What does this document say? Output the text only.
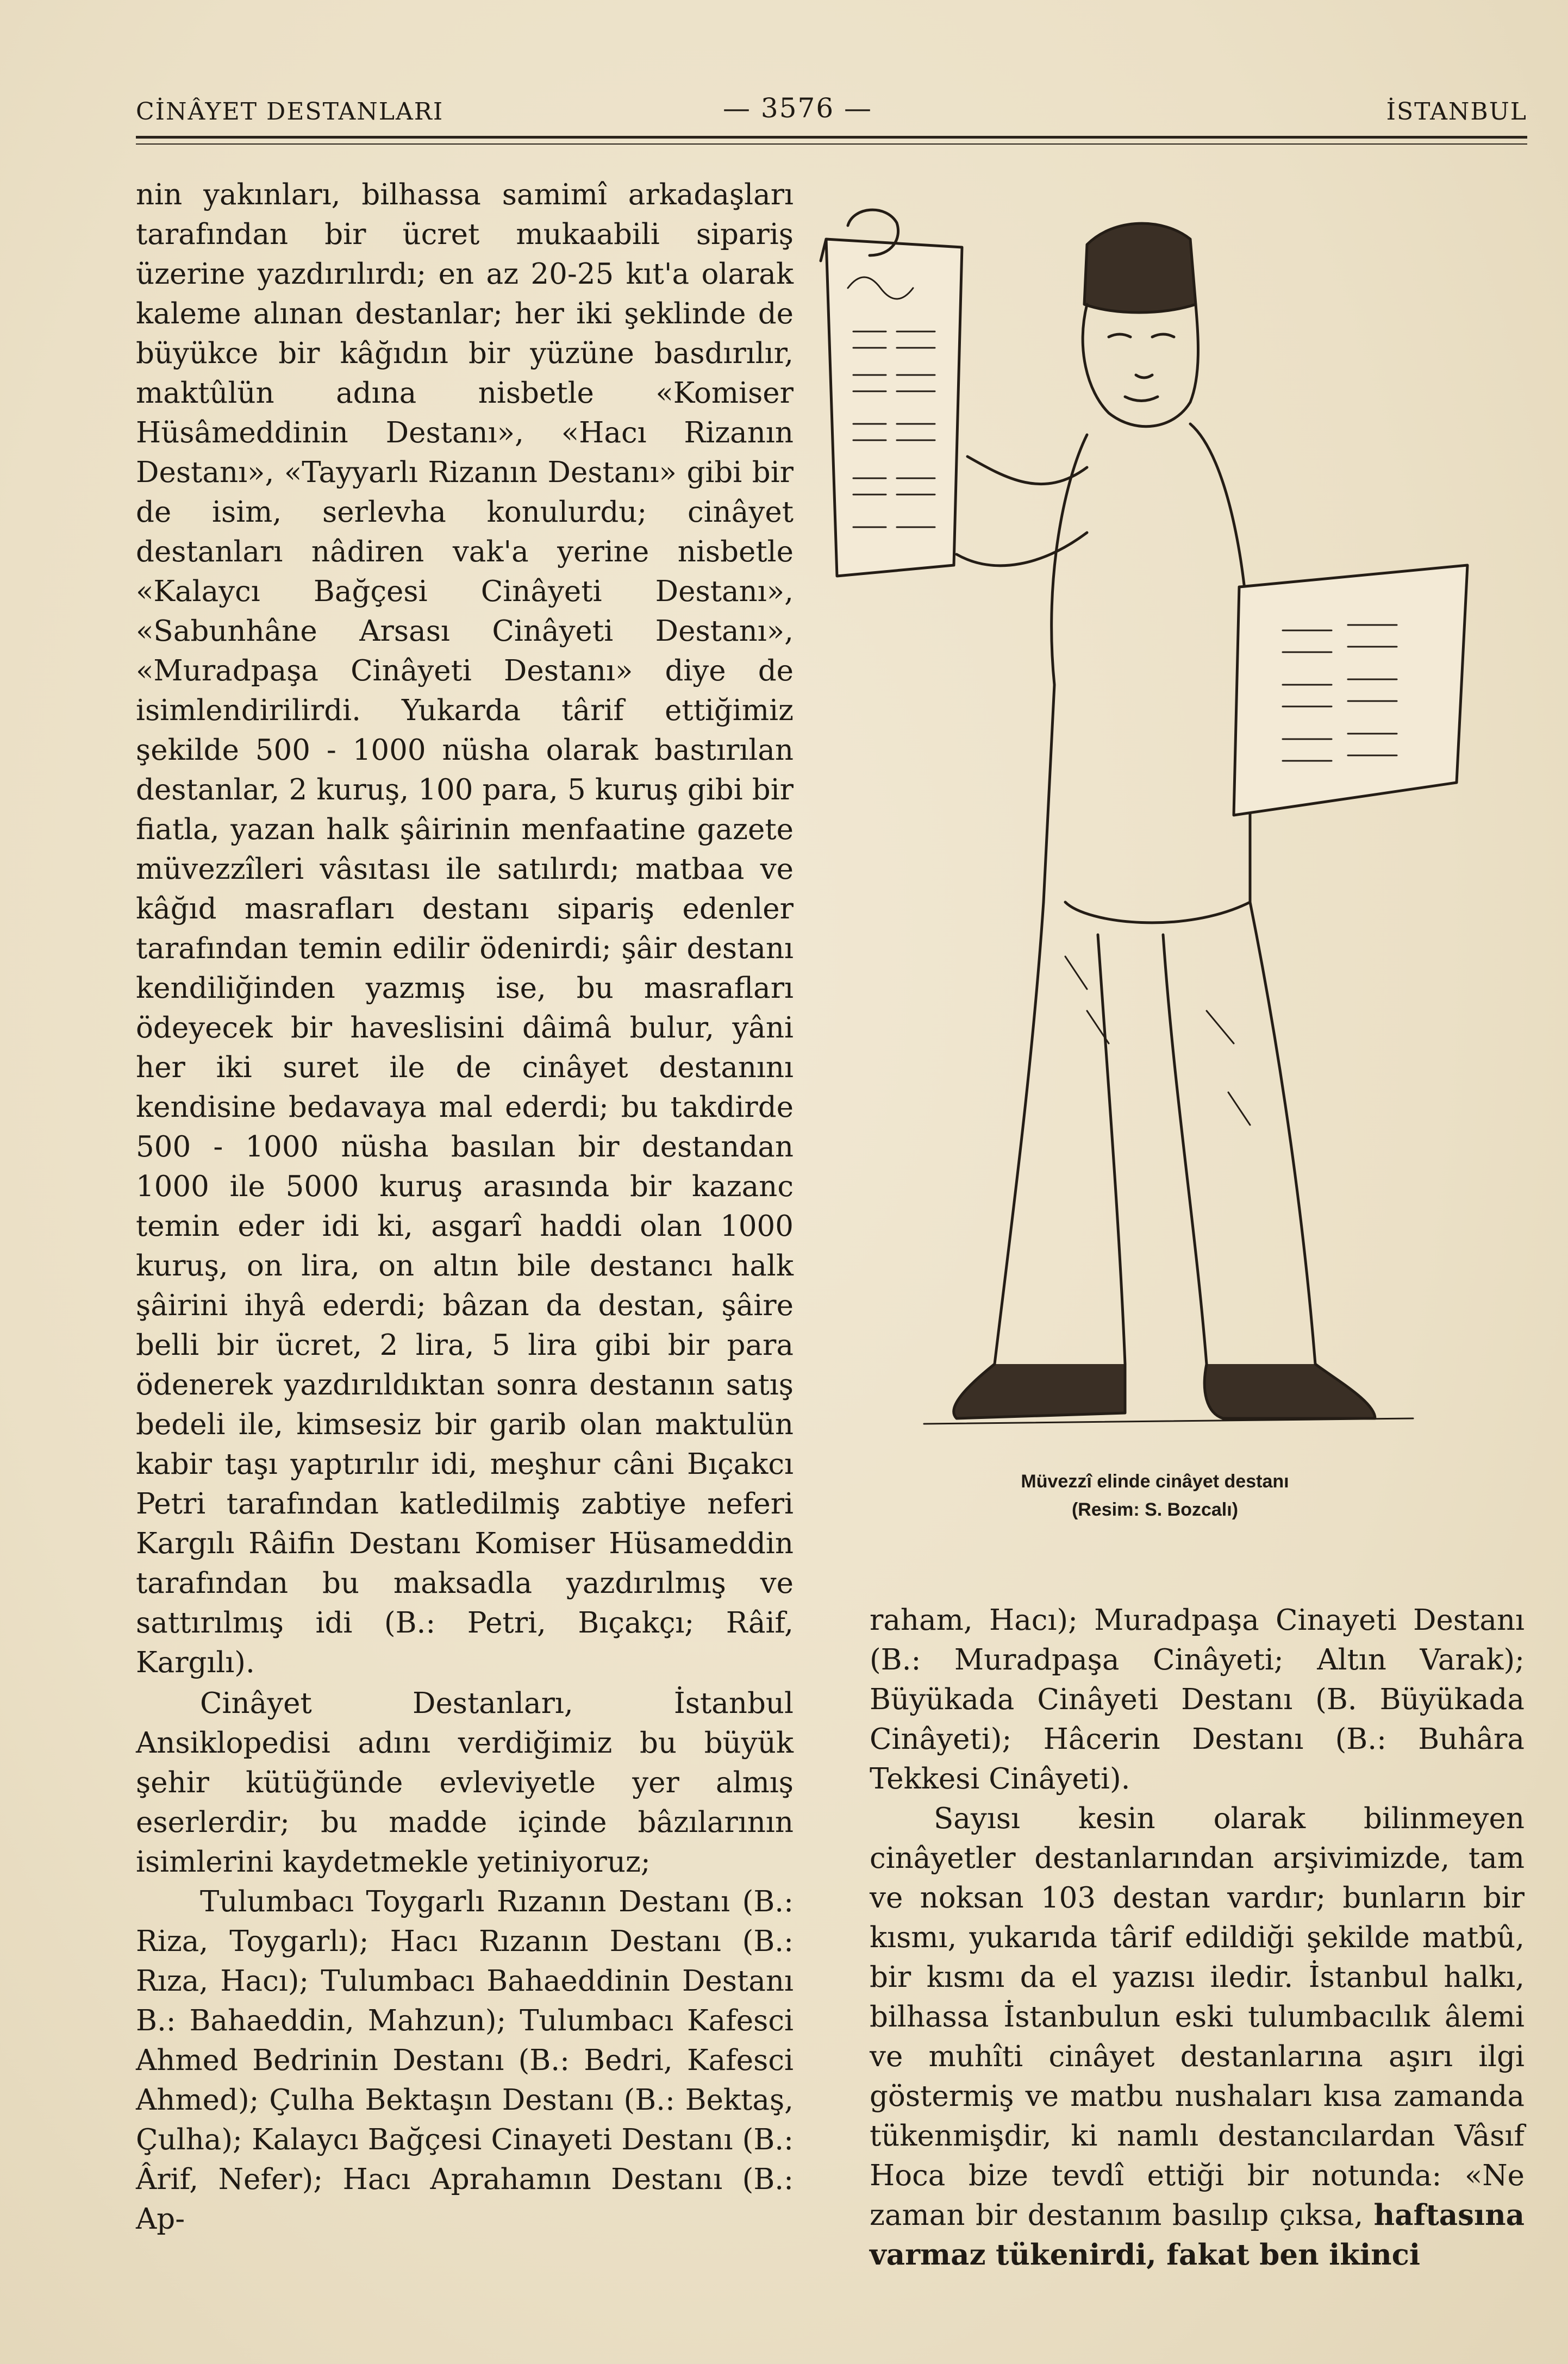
CİNÂYET DESTANLARI	— 3576 —	İSTANBUL

nin yakınları, bilhassa samimî arkadaşları tarafından bir ücret mukaabili sipariş üzerine yazdırılırdı; en az 20-25 kıt'a olarak kaleme alınan destanlar; her iki şeklinde de büyükce bir kâğıdın bir yüzüne basdırılır, maktûlün adına nisbetle «Komiser Hüsâmeddinin Destanı», «Hacı Rizanın Destanı», «Tayyarlı Rizanın Destanı» gibi bir de isim, serlevha konulurdu; cinâyet destanları nâdiren vak'a yerine nisbetle «Kalaycı Bağçesi Cinâyeti Destanı», «Sabunhâne Arsası Cinâyeti Destanı», «Muradpaşa Cinâyeti Destanı» diye de isimlendirilirdi. Yukarda târif ettiğimiz şekilde 500 - 1000 nüsha olarak bastırılan destanlar, 2 kuruş, 100 para, 5 kuruş gibi bir fiatla, yazan halk şâirinin menfaatine gazete müvezzîleri vâsıtası ile satılırdı; matbaa ve kâğıd masrafları destanı sipariş edenler tarafından temin edilir ödenirdi; şâir destanı kendiliğinden yazmış ise, bu masrafları ödeyecek bir haveslisini dâimâ bulur, yâni her iki suret ile de cinâyet destanını kendisine bedavaya mal ederdi; bu takdirde 500 - 1000 nüsha basılan bir destandan 1000 ile 5000 kuruş arasında bir kazanc temin eder idi ki, asgarî haddi olan 1000 kuruş, on lira, on altın bile destancı halk şâirini ihyâ ederdi; bâzan da destan, şâire belli bir ücret, 2 lira, 5 lira gibi bir para ödenerek yazdırıldıktan sonra destanın satış bedeli ile, kimsesiz bir garib olan maktulün kabir taşı yaptırılır idi, meşhur câni Bıçakcı Petri tarafından katledilmiş zabtiye neferi Kargılı Râifin Destanı Komiser Hüsameddin tarafından bu maksadla yazdırılmış ve sattırılmış idi (B.: Petri, Bıçakçı; Râif, Kargılı).

Cinâyet Destanları, İstanbul Ansiklopedisi adını verdiğimiz bu büyük şehir kütüğünde evleviyetle yer almış eserlerdir; bu madde içinde bâzılarının isimlerini kaydetmekle yetiniyoruz;

Tulumbacı Toygarlı Rızanın Destanı (B.: Riza, Toygarlı); Hacı Rızanın Destanı (B.: Rıza, Hacı); Tulumbacı Bahaeddinin Destanı B.: Bahaeddin, Mahzun); Tulumbacı Kafesci Ahmed Bedrinin Destanı (B.: Bedri, Kafesci Ahmed); Çulha Bektaşın Destanı (B.: Bektaş, Çulha); Kalaycı Bağçesi Cinayeti Destanı (B.: Ârif, Nefer); Hacı Aprahamın Destanı (B.: Ap-

Müvezzî elinde cinâyet destanı
(Resim: S. Bozcalı)

raham, Hacı); Muradpaşa Cinayeti Destanı (B.: Muradpaşa Cinâyeti; Altın Varak); Büyükada Cinâyeti Destanı (B. Büyükada Cinâyeti); Hâcerin Destanı (B.: Buhâra Tekkesi Cinâyeti).

Sayısı kesin olarak bilinmeyen cinâyetler destanlarından arşivimizde, tam ve noksan 103 destan vardır; bunların bir kısmı, yukarıda târif edildiği şekilde matbû, bir kısmı da el yazısı iledir. İstanbul halkı, bilhassa İstanbulun eski tulumbacılık âlemi ve muhîti cinâyet destanlarına aşırı ilgi göstermiş ve matbu nushaları kısa zamanda tükenmişdir, ki namlı destancılardan Vâsıf Hoca bize tevdî ettiği bir notunda: «Ne zaman bir destanım basılıp çıksa, haftasına varmaz tükenirdi, fakat ben ikinci
